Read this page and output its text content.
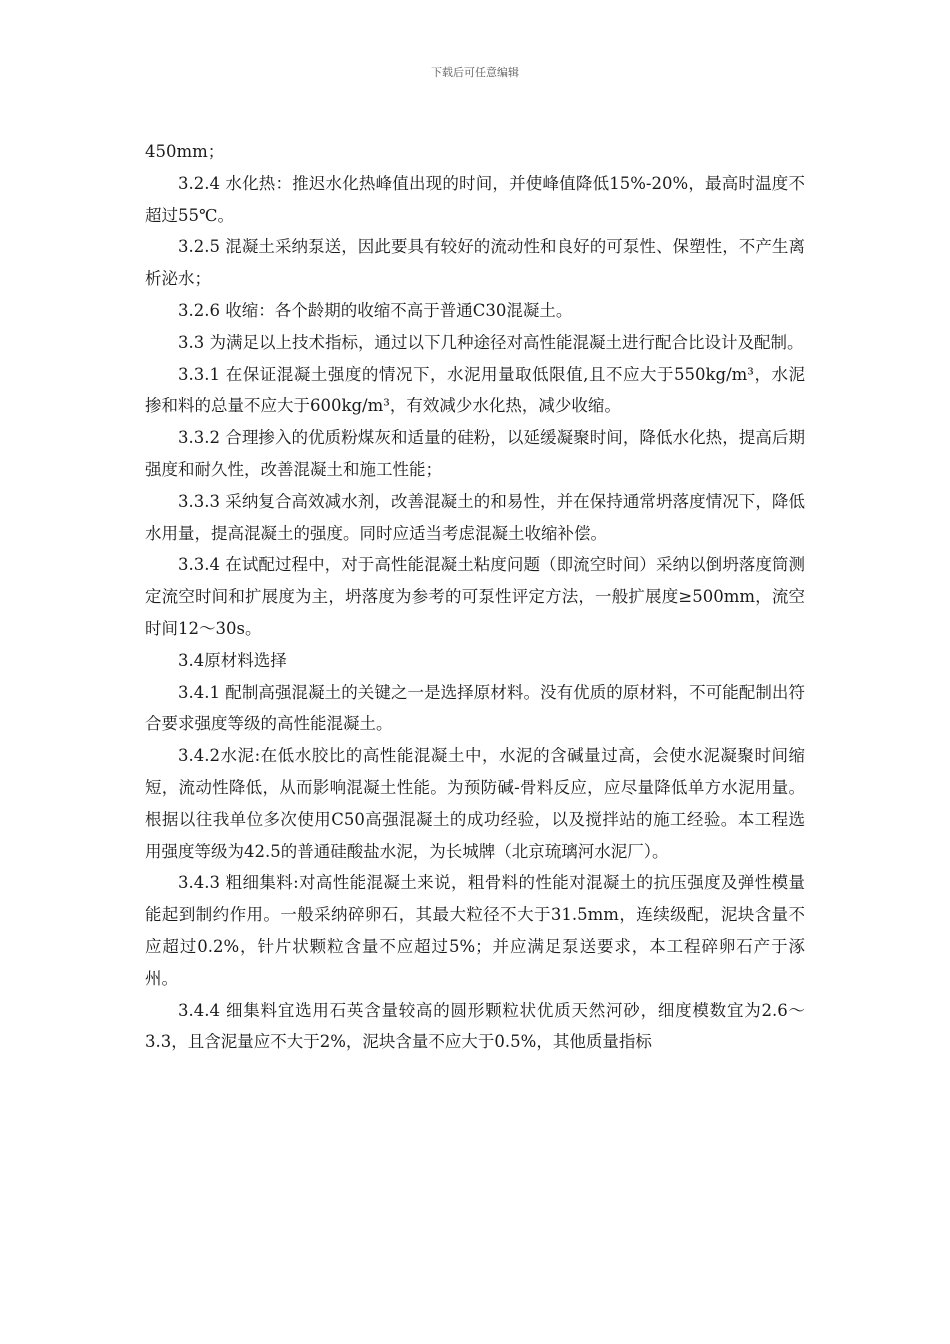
下载后可任意编辑

450mm；

3.2.4 水化热：推迟水化热峰值出现的时间，并使峰值降低15%-20%，最高时温度不超过55℃。

3.2.5 混凝土采纳泵送，因此要具有较好的流动性和良好的可泵性、保塑性，不产生离析泌水；

3.2.6 收缩：各个龄期的收缩不高于普通C30混凝土。

3.3 为满足以上技术指标，通过以下几种途径对高性能混凝土进行配合比设计及配制。

3.3.1 在保证混凝土强度的情况下，水泥用量取低限值,且不应大于550kg/m³，水泥掺和料的总量不应大于600kg/m³，有效减少水化热，减少收缩。

3.3.2 合理掺入的优质粉煤灰和适量的硅粉，以延缓凝聚时间，降低水化热，提高后期强度和耐久性，改善混凝土和施工性能；

3.3.3 采纳复合高效减水剂，改善混凝土的和易性，并在保持通常坍落度情况下，降低水用量，提高混凝土的强度。同时应适当考虑混凝土收缩补偿。

3.3.4 在试配过程中，对于高性能混凝土粘度问题（即流空时间）采纳以倒坍落度筒测定流空时间和扩展度为主，坍落度为参考的可泵性评定方法，一般扩展度≥500mm，流空时间12～30s。

3.4原材料选择

3.4.1 配制高强混凝土的关键之一是选择原材料。没有优质的原材料，不可能配制出符合要求强度等级的高性能混凝土。

3.4.2水泥:在低水胶比的高性能混凝土中，水泥的含碱量过高，会使水泥凝聚时间缩短，流动性降低，从而影响混凝土性能。为预防碱-骨料反应，应尽量降低单方水泥用量。根据以往我单位多次使用C50高强混凝土的成功经验，以及搅拌站的施工经验。本工程选用强度等级为42.5的普通硅酸盐水泥，为长城牌（北京琉璃河水泥厂）。

3.4.3 粗细集料:对高性能混凝土来说，粗骨料的性能对混凝土的抗压强度及弹性模量能起到制约作用。一般采纳碎卵石，其最大粒径不大于31.5mm，连续级配，泥块含量不应超过0.2%，针片状颗粒含量不应超过5%；并应满足泵送要求，本工程碎卵石产于涿州。

3.4.4 细集料宜选用石英含量较高的圆形颗粒状优质天然河砂，细度模数宜为2.6～3.3，且含泥量应不大于2%，泥块含量不应大于0.5%，其他质量指标
